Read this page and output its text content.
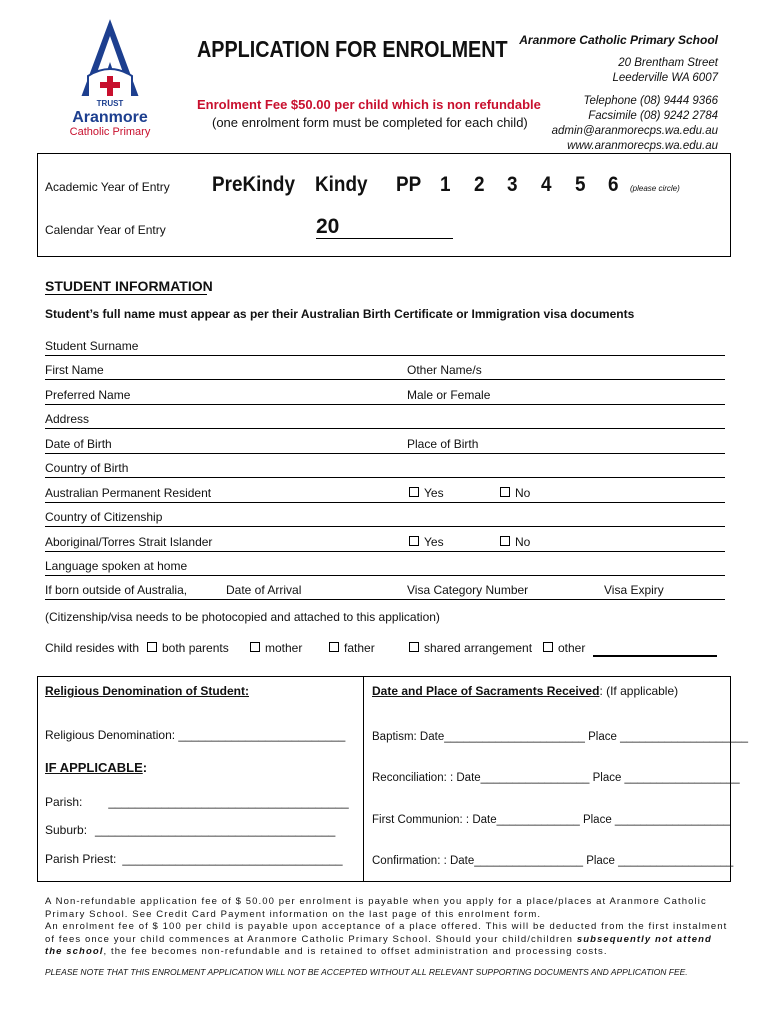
TRUST
Aranmore
Catholic Primary
APPLICATION FOR ENROLMENT
Enrolment Fee $50.00 per child which is non refundable
(one enrolment form must be completed for each child)
Aranmore Catholic Primary School
20 Brentham Street
Leederville WA 6007
Telephone (08) 9444 9366
Facsimile (08) 9242 2784
admin@aranmorecps.wa.edu.au
www.aranmorecps.wa.edu.au
Academic Year of Entry PreKindy Kindy PP 1 2 3 4 5 6 (please circle)
Calendar Year of Entry	20
STUDENT INFORMATION
Student’s full name must appear as per their Australian Birth Certificate or Immigration visa documents
Student Surname
First Name	Other Name/s
Preferred Name	Male or Female
Address
Date of Birth	Place of Birth
Country of Birth
Australian Permanent Resident	Yes	No
Country of Citizenship
Aboriginal/Torres Strait Islander	Yes	No
Language spoken at home
If born outside of Australia,	Date of Arrival	Visa Category Number	Visa Expiry
(Citizenship/visa needs to be photocopied and attached to this application)
Child resides with	both parents	mother	father	shared arrangement	other
Religious Denomination of Student:
Religious Denomination: _________________________
IF APPLICABLE:
Parish: ____________________________________
Suburb: ____________________________________
Parish Priest: _________________________________
Date and Place of Sacraments Received: (If applicable)
Baptism: Date______________________ Place ____________________
Reconciliation: : Date_________________ Place __________________
First Communion: : Date_____________ Place __________________
Confirmation: : Date_________________ Place __________________
A Non-refundable application fee of $ 50.00 per enrolment is payable when you apply for a place/places at Aranmore Catholic Primary School. See Credit Card Payment information on the last page of this enrolment form.
An enrolment fee of $ 100 per child is payable upon acceptance of a place offered. This will be deducted from the first instalment of fees once your child commences at Aranmore Catholic Primary School. Should your child/children subsequently not attend the school, the fee becomes non-refundable and is retained to offset administration and processing costs.
PLEASE NOTE THAT THIS ENROLMENT APPLICATION WILL NOT BE ACCEPTED WITHOUT ALL RELEVANT SUPPORTING DOCUMENTS AND APPLICATION FEE.
